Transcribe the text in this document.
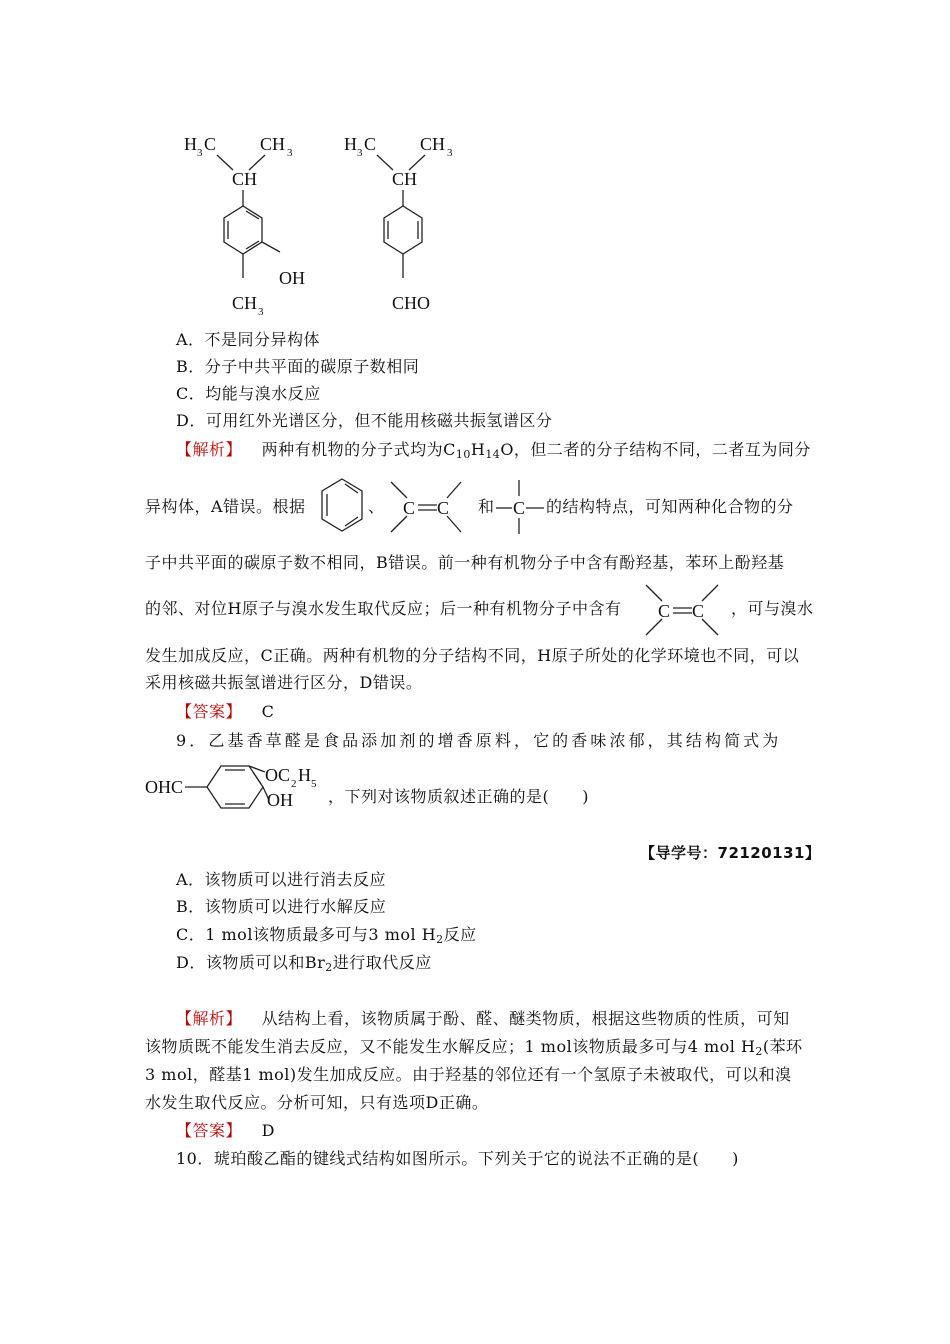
H 3 C CH 3
CH
OH
CH 3
H 3 C CH 3
CH
CHO
A．不是同分异构体
B．分子中共平面的碳原子数相同
C．均能与溴水反应
D．可用红外光谱区分，但不能用核磁共振氢谱区分
【解析】 两种有机物的分子式均为$C_{10}H_{14}O$，但二者的分子结构不同，二者互为同分
异构体，A错误。根据	、 C C 和 C 的结构特点，可知两种化合物的分
子中共平面的碳原子数不相同，B错误。前一种有机物分子中含有酚羟基，苯环上酚羟基
的邻、对位H原子与溴水发生取代反应；后一种有机物分子中含有 C C ，可与溴水
发生加成反应，C正确。两种有机物的分子结构不同，H原子所处的化学环境也不同，可以
采用核磁共振氢谱进行区分，D错误。
【答案】 C
9．乙基香草醛是食品添加剂的增香原料，它的香味浓郁，其结构简式为
OHC
OC 2 H 5
OH ，下列对该物质叙述正确的是(　　)
【导学号：72120131】
A．该物质可以进行消去反应
B．该物质可以进行水解反应
C．1 mol该物质最多可与3 mol $H_2$反应
D．该物质可以和$Br_2$进行取代反应
【解析】 从结构上看，该物质属于酚、醛、醚类物质，根据这些物质的性质，可知
该物质既不能发生消去反应，又不能发生水解反应；1 mol该物质最多可与4 mol $H_2$(苯环
3 mol，醛基1 mol)发生加成反应。由于羟基的邻位还有一个氢原子未被取代，可以和溴
水发生取代反应。分析可知，只有选项D正确。
【答案】 D
10．琥珀酸乙酯的键线式结构如图所示。下列关于它的说法不正确的是(　　)
